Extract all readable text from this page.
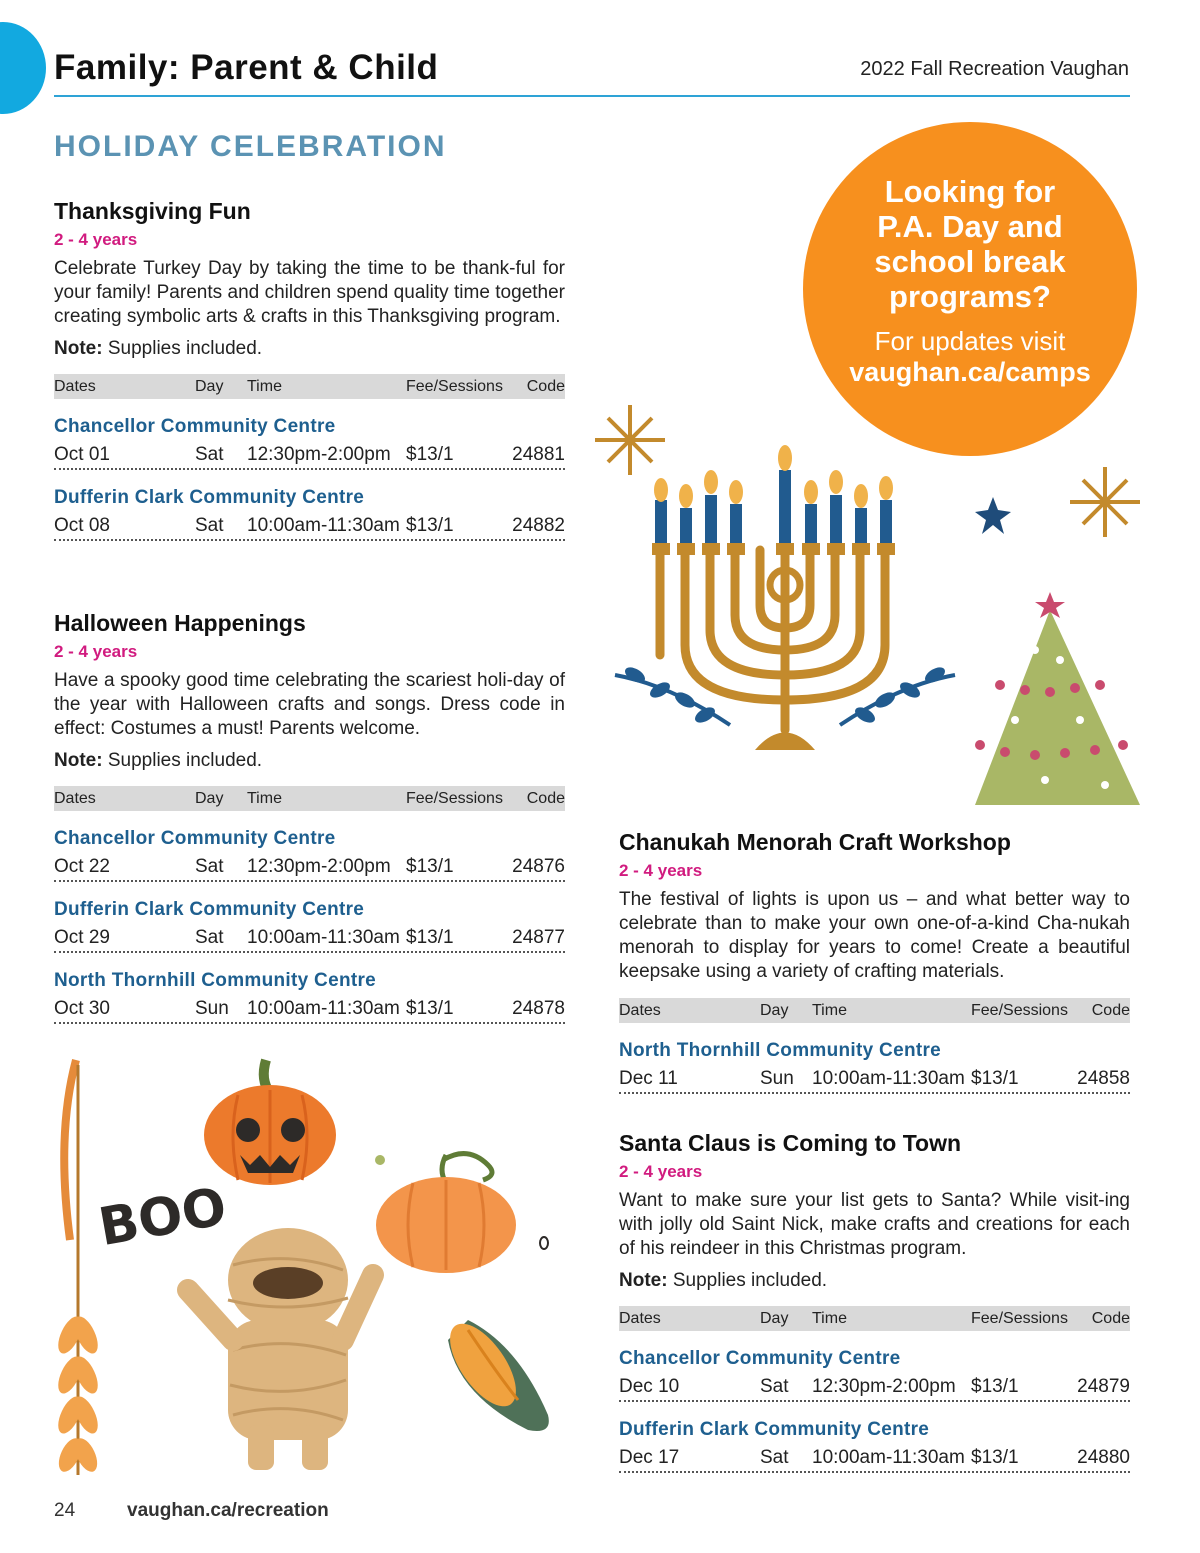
Family: Parent & Child	2022 Fall Recreation Vaughan
HOLIDAY CELEBRATION
Thanksgiving Fun
2 - 4 years
Celebrate Turkey Day by taking the time to be thank-ful for your family! Parents and children spend quality time together creating symbolic arts & crafts in this Thanksgiving program.
Note: Supplies included.
Dates	Day Time	Fee/Sessions Code
Chancellor Community Centre
Oct 01	Sat 12:30pm-2:00pm $13/1	24881
Dufferin Clark Community Centre
Oct 08	Sat 10:00am-11:30am $13/1	24882
Halloween Happenings
2 - 4 years
Have a spooky good time celebrating the scariest holi-day of the year with Halloween crafts and songs. Dress code in effect: Costumes a must! Parents welcome.
Note: Supplies included.
Dates	Day Time	Fee/Sessions Code
Chancellor Community Centre
Oct 22	Sat 12:30pm-2:00pm $13/1	24876
Dufferin Clark Community Centre
Oct 29	Sat 10:00am-11:30am $13/1	24877
North Thornhill Community Centre
Oct 30	Sun 10:00am-11:30am $13/1	24878
Chanukah Menorah Craft Workshop
2 - 4 years
The festival of lights is upon us – and what better way to celebrate than to make your own one-of-a-kind Cha-nukah menorah to display for years to come! Create a beautiful keepsake using a variety of crafting materials.
Dates	Day Time	Fee/Sessions Code
North Thornhill Community Centre
Dec 11	Sun 10:00am-11:30am $13/1	24858
Santa Claus is Coming to Town
2 - 4 years
Want to make sure your list gets to Santa? While visit-ing with jolly old Saint Nick, make crafts and creations for each of his reindeer in this Christmas program.
Note: Supplies included.
Dates	Day Time	Fee/Sessions Code
Chancellor Community Centre
Dec 10	Sat 12:30pm-2:00pm $13/1	24879
Dufferin Clark Community Centre
Dec 17	Sat 10:00am-11:30am $13/1	24880
Looking for
P.A. Day and
school break
programs?
For updates visit
vaughan.ca/camps
BOO
24	vaughan.ca/recreation
